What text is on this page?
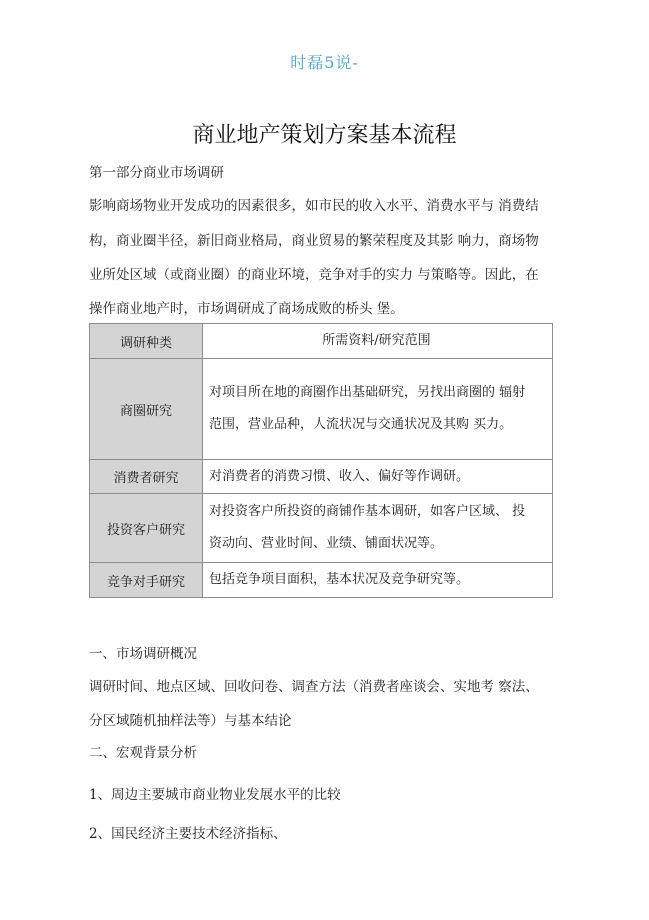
时磊5说-
商业地产策划方案基本流程
第一部分商业市场调研
影响商场物业开发成功的因素很多，如市民的收入水平、消费水平与 消费结
构，商业圈半径，新旧商业格局，商业贸易的繁荣程度及其影 响力，商场物
业所处区域（或商业圈）的商业环境，竞争对手的实力 与策略等。因此，在
操作商业地产时，市场调研成了商场成败的桥头 堡。
调研种类	所需资料/研究范围
商圈研究	对项目所在地的商圈作出基础研究，另找出商圈的 辐射
范围，营业品种，人流状况与交通状况及其购 买力。

消费者研究	对消费者的消费习惯、收入、偏好等作调研。

投资客户研究	对投资客户所投资的商铺作基本调研，如客户区域、 投
资动向、营业时间、业绩、铺面状况等。

竞争对手研究	包括竞争项目面积，基本状况及竞争研究等。
一、市场调研概况
调研时间、地点区域、回收问卷、调查方法（消费者座谈会、实地考 察法、
分区域随机抽样法等）与基本结论
二、宏观背景分析
1、周边主要城市商业物业发展水平的比较
2、国民经济主要技术经济指标、
